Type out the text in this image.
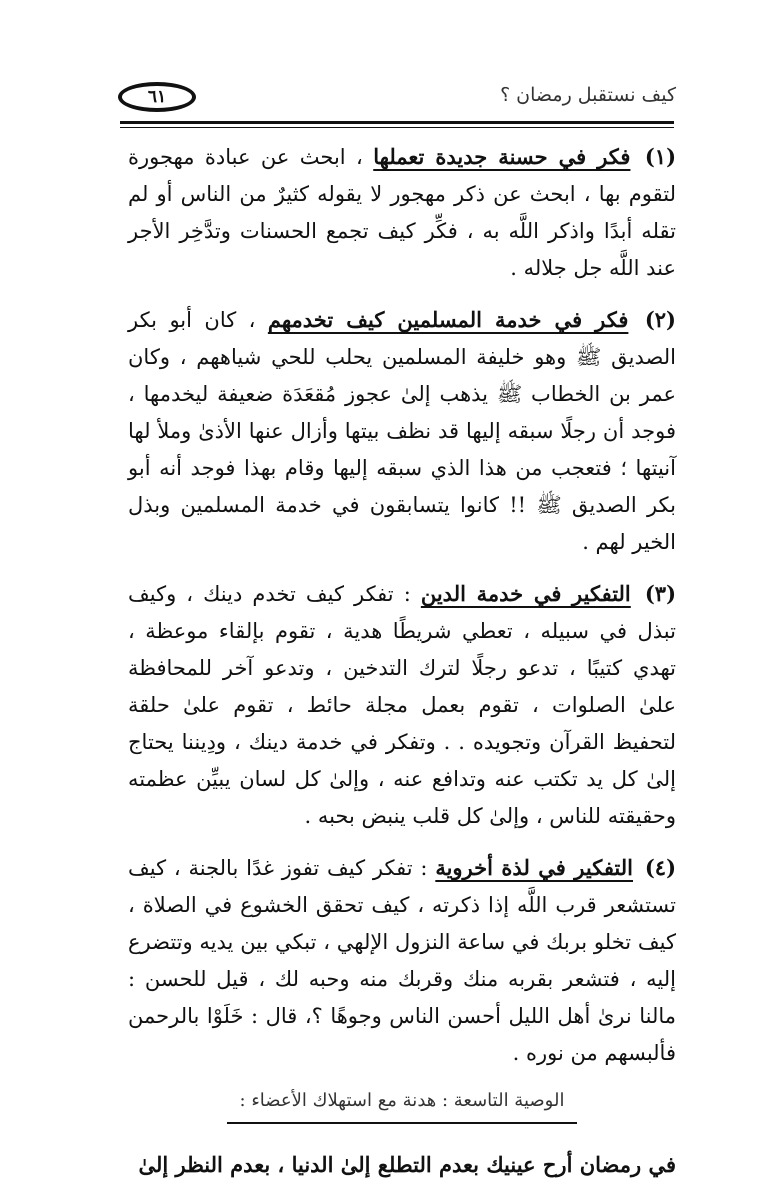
٦١	كيف نستقبل رمضان ؟

(١) فكر في حسنة جديدة تعملها ، ابحث عن عبادة مهجورة لتقوم بها ، ابحث عن ذكر مهجور لا يقوله كثيرٌ من الناس أو لم تقله أبدًا واذكر اللَّه به ، فكِّر كيف تجمع الحسنات وتدَّخِر الأجر عند اللَّه جل جلاله .

(٢) فكر في خدمة المسلمين كيف تخدمهم ، كان أبو بكر الصديق ﷺ وهو خليفة المسلمين يحلب للحي شياههم ، وكان عمر بن الخطاب ﷺ يذهب إلىٰ عجوز مُقعَدَة ضعيفة ليخدمها ، فوجد أن رجلًا سبقه إليها قد نظف بيتها وأزال عنها الأذىٰ وملأ لها آنيتها ؛ فتعجب من هذا الذي سبقه إليها وقام بهذا فوجد أنه أبو بكر الصديق ﷺ !! كانوا يتسابقون في خدمة المسلمين وبذل الخير لهم .

(٣) التفكير في خدمة الدين : تفكر كيف تخدم دينك ، وكيف تبذل في سبيله ، تعطي شريطًا هدية ، تقوم بإلقاء موعظة ، تهدي كتيبًا ، تدعو رجلًا لترك التدخين ، وتدعو آخر للمحافظة علىٰ الصلوات ، تقوم بعمل مجلة حائط ، تقوم علىٰ حلقة لتحفيظ القرآن وتجويده . . وتفكر في خدمة دينك ، ودِيننا يحتاج إلىٰ كل يد تكتب عنه وتدافع عنه ، وإلىٰ كل لسان يبيِّن عظمته وحقيقته للناس ، وإلىٰ كل قلب ينبض بحبه .

(٤) التفكير في لذة أخروية : تفكر كيف تفوز غدًا بالجنة ، كيف تستشعر قرب اللَّه إذا ذكرته ، كيف تحقق الخشوع في الصلاة ، كيف تخلو بربك في ساعة النزول الإلهي ، تبكي بين يديه وتتضرع إليه ، فتشعر بقربه منك وقربك منه وحبه لك ، قيل للحسن : مالنا نرىٰ أهل الليل أحسن الناس وجوهًا ؟، قال : خَلَوْا بالرحمن فألبسهم من نوره .

الوصية التاسعة : هدنة مع استهلاك الأعضاء :

في رمضان أرح عينيك بعدم التطلع إلىٰ الدنيا ، بعدم النظر إلىٰ
